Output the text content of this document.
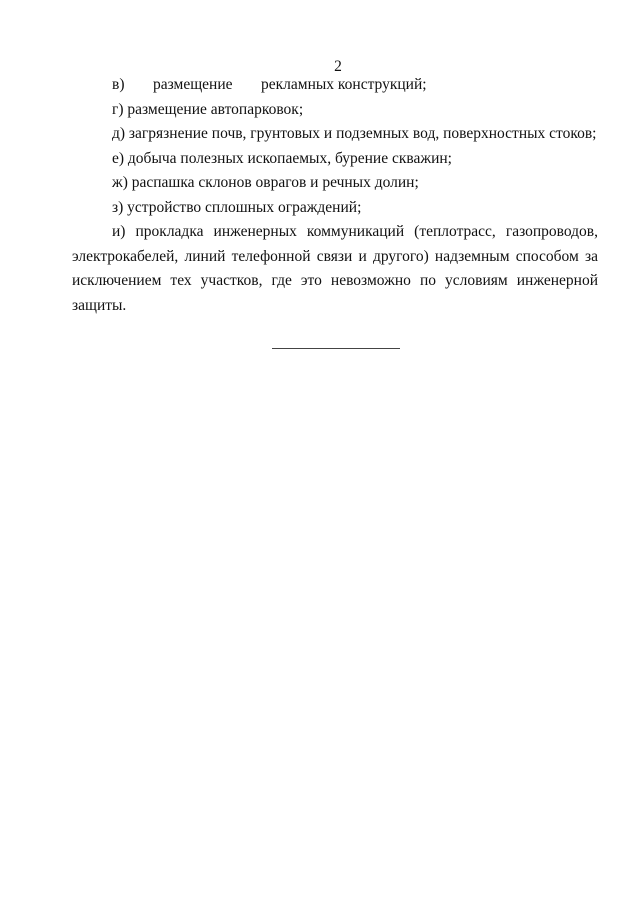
2

в)	размещение	рекламных конструкций;

г) размещение автопарковок;

д) загрязнение почв, грунтовых и подземных вод, поверхностных стоков;

е) добыча полезных ископаемых, бурение скважин;

ж) распашка склонов оврагов и речных долин;

з) устройство сплошных ограждений;

и) прокладка инженерных коммуникаций (теплотрасс, газопроводов, электрокабелей, линий телефонной связи и другого) надземным способом за исключением тех участков, где это невозможно по условиям инженерной защиты.
